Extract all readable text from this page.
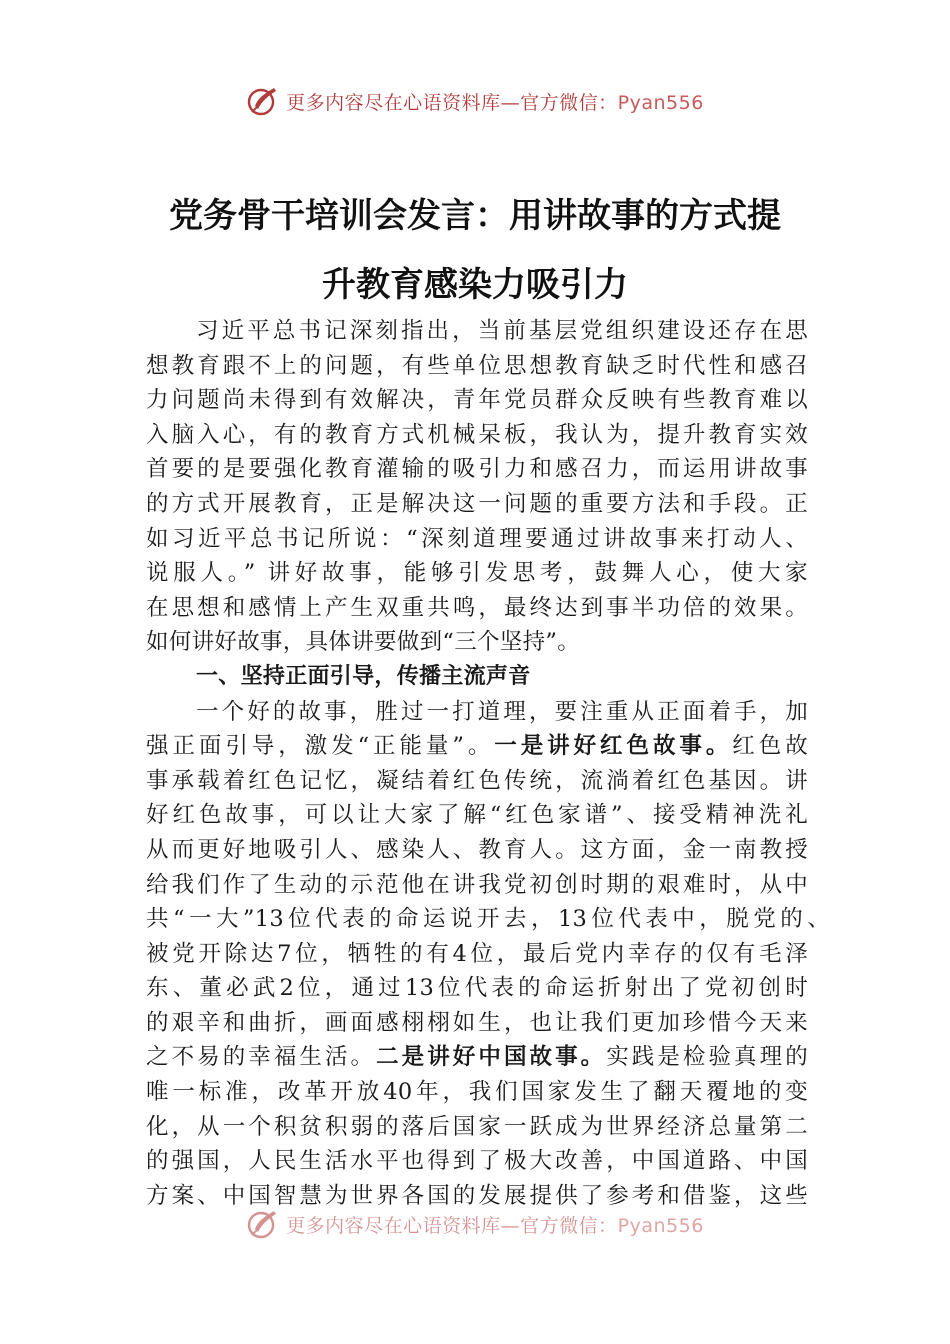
更多内容尽在心语资料库—官方微信：Pyan556
党务骨干培训会发言：用讲故事的方式提
升教育感染力吸引力
习近平总书记深刻指出，当前基层党组织建设还存在思
想教育跟不上的问题，有些单位思想教育缺乏时代性和感召
力问题尚未得到有效解决，青年党员群众反映有些教育难以
入脑入心，有的教育方式机械呆板，我认为，提升教育实效
首要的是要强化教育灌输的吸引力和感召力，而运用讲故事
的方式开展教育，正是解决这一问题的重要方法和手段。正
如习近平总书记所说：“深刻道理要通过讲故事来打动人、
说服人。” 讲好故事，能够引发思考，鼓舞人心，使大家
在思想和感情上产生双重共鸣，最终达到事半功倍的效果。
如何讲好故事，具体讲要做到“三个坚持”。
一、坚持正面引导，传播主流声音
一个好的故事，胜过一打道理，要注重从正面着手，加
强正面引导，激发“正能量”。一是讲好红色故事。红色故
事承载着红色记忆，凝结着红色传统，流淌着红色基因。讲
好红色故事，可以让大家了解“红色家谱”、接受精神洗礼
从而更好地吸引人、感染人、教育人。这方面，金一南教授
给我们作了生动的示范他在讲我党初创时期的艰难时，从中
共“一大”13位代表的命运说开去，13位代表中，脱党的、
被党开除达7位，牺牲的有4位，最后党内幸存的仅有毛泽
东、董必武2位，通过13位代表的命运折射出了党初创时
的艰辛和曲折，画面感栩栩如生，也让我们更加珍惜今天来
之不易的幸福生活。二是讲好中国故事。实践是检验真理的
唯一标准，改革开放40年，我们国家发生了翻天覆地的变
化，从一个积贫积弱的落后国家一跃成为世界经济总量第二
的强国，人民生活水平也得到了极大改善，中国道路、中国
方案、中国智慧为世界各国的发展提供了参考和借鉴，这些
更多内容尽在心语资料库—官方微信：Pyan556
